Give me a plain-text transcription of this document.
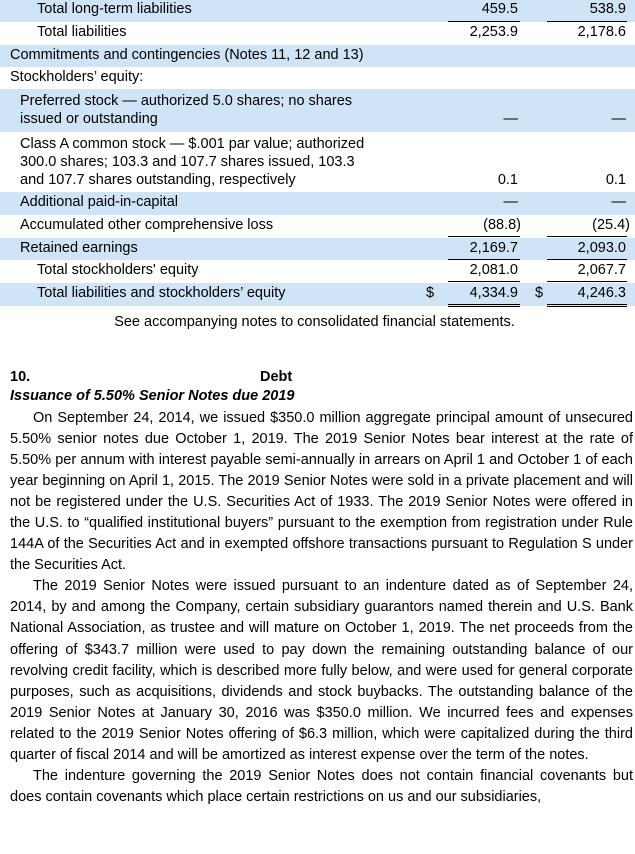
Total long-term liabilities	459.5	538.9
Total liabilities	2,253.9	2,178.6
Commitments and contingencies (Notes 11, 12 and 13)
Stockholders’ equity:
Preferred stock — authorized 5.0 shares; no shares
issued or outstanding	—	—
Class A common stock — $.001 par value; authorized
300.0 shares; 103.3 and 107.7 shares issued, 103.3
and 107.7 shares outstanding, respectively	0.1	0.1
Additional paid-in-capital	—	—
Accumulated other comprehensive loss	(88.8)	(25.4)
Retained earnings	2,169.7	2,093.0
Total stockholders' equity	2,081.0	2,067.7
Total liabilities and stockholders’ equity	$ 4,334.9 $ 4,246.3
See accompanying notes to consolidated financial statements.
10.	Debt
Issuance of 5.50% Senior Notes due 2019

On September 24, 2014, we issued $350.0 million aggregate principal amount of unsecured 5.50% senior notes due October 1, 2019. The 2019 Senior Notes bear interest at the rate of 5.50% per annum with interest payable semi-annually in arrears on April 1 and October 1 of each year beginning on April 1, 2015. The 2019 Senior Notes were sold in a private placement and will not be registered under the U.S. Securities Act of 1933. The 2019 Senior Notes were offered in the U.S. to “qualified institutional buyers” pursuant to the exemption from registration under Rule 144A of the Securities Act and in exempted offshore transactions pursuant to Regulation S under the Securities Act.

The 2019 Senior Notes were issued pursuant to an indenture dated as of September 24, 2014, by and among the Company, certain subsidiary guarantors named therein and U.S. Bank National Association, as trustee and will mature on October 1, 2019. The net proceeds from the offering of $343.7 million were used to pay down the remaining outstanding balance of our revolving credit facility, which is described more fully below, and were used for general corporate purposes, such as acquisitions, dividends and stock buybacks. The outstanding balance of the 2019 Senior Notes at January 30, 2016 was $350.0 million. We incurred fees and expenses related to the 2019 Senior Notes offering of $6.3 million, which were capitalized during the third quarter of fiscal 2014 and will be amortized as interest expense over the term of the notes.

The indenture governing the 2019 Senior Notes does not contain financial covenants but does contain covenants which place certain restrictions on us and our subsidiaries,
